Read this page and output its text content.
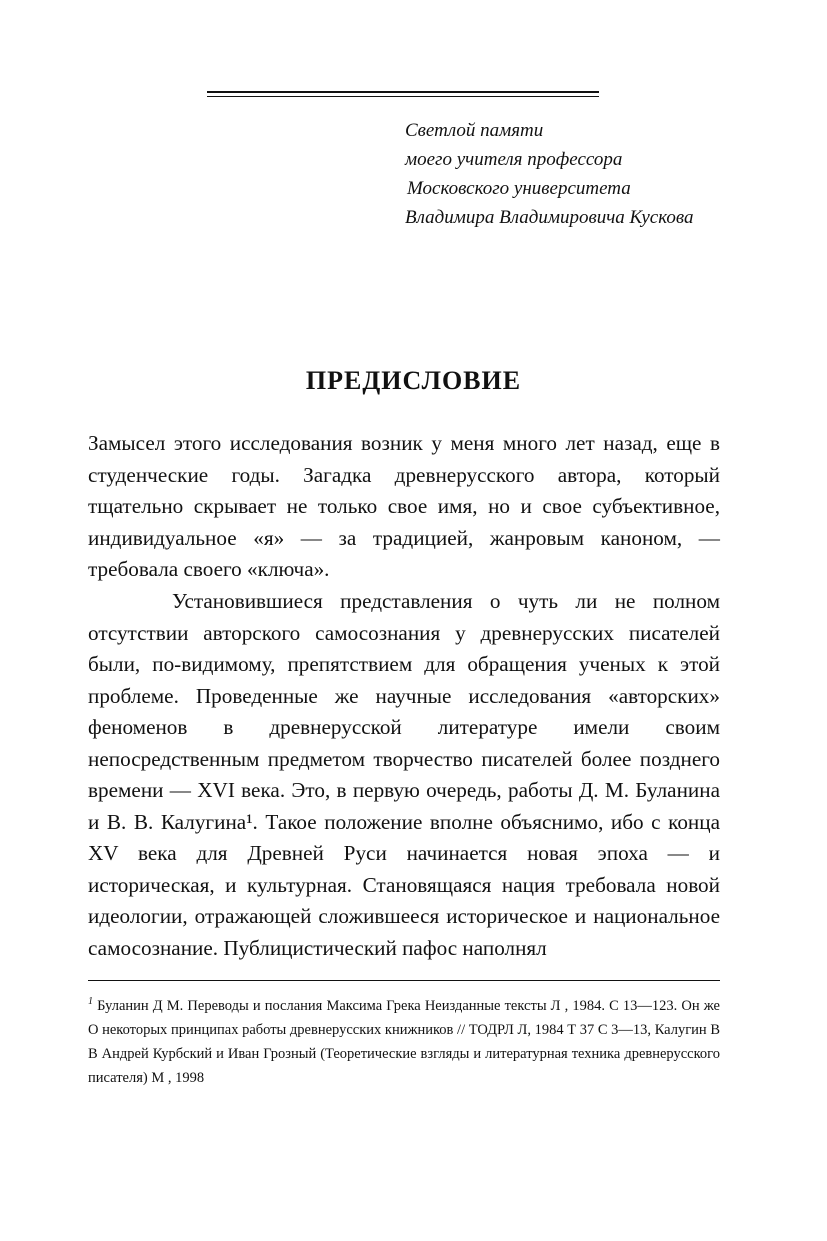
Светлой памяти
моего учителя профессора
Московского университета
Владимира Владимировича Кускова
ПРЕДИСЛОВИЕ

Замысел этого исследования возник у меня много лет назад, еще в студенческие годы. Загадка древнерусского автора, который тщательно скрывает не только свое имя, но и свое субъективное, индивидуальное «я» — за традицией, жанровым каноном, — требовала своего «ключа».

Установившиеся представления о чуть ли не полном отсутствии авторского самосознания у древнерусских писателей были, по-видимому, препятствием для обращения ученых к этой проблеме. Проведенные же научные исследования «авторских» феноменов в древнерусской литературе имели своим непосредственным предметом творчество писателей более позднего времени — XVI века. Это, в первую очередь, работы Д. М. Буланина и В. В. Калугина¹. Такое положение вполне объяснимо, ибо с конца XV века для Древней Руси начинается новая эпоха — и историческая, и культурная. Становящаяся нация требовала новой идеологии, отражающей сложившееся историческое и национальное самосознание. Публицистический пафос наполнял

$^1$ Буланин Д М. Переводы и послания Максима Грека Неизданные тексты Л , 1984. С 13—123. Он же О некоторых принципах работы древнерусских книжников // ТОДРЛ Л, 1984 Т 37 С 3—13, Калугин В В Андрей Курбский и Иван Грозный (Теоретические взгляды и литературная техника древнерусского писателя) М , 1998
